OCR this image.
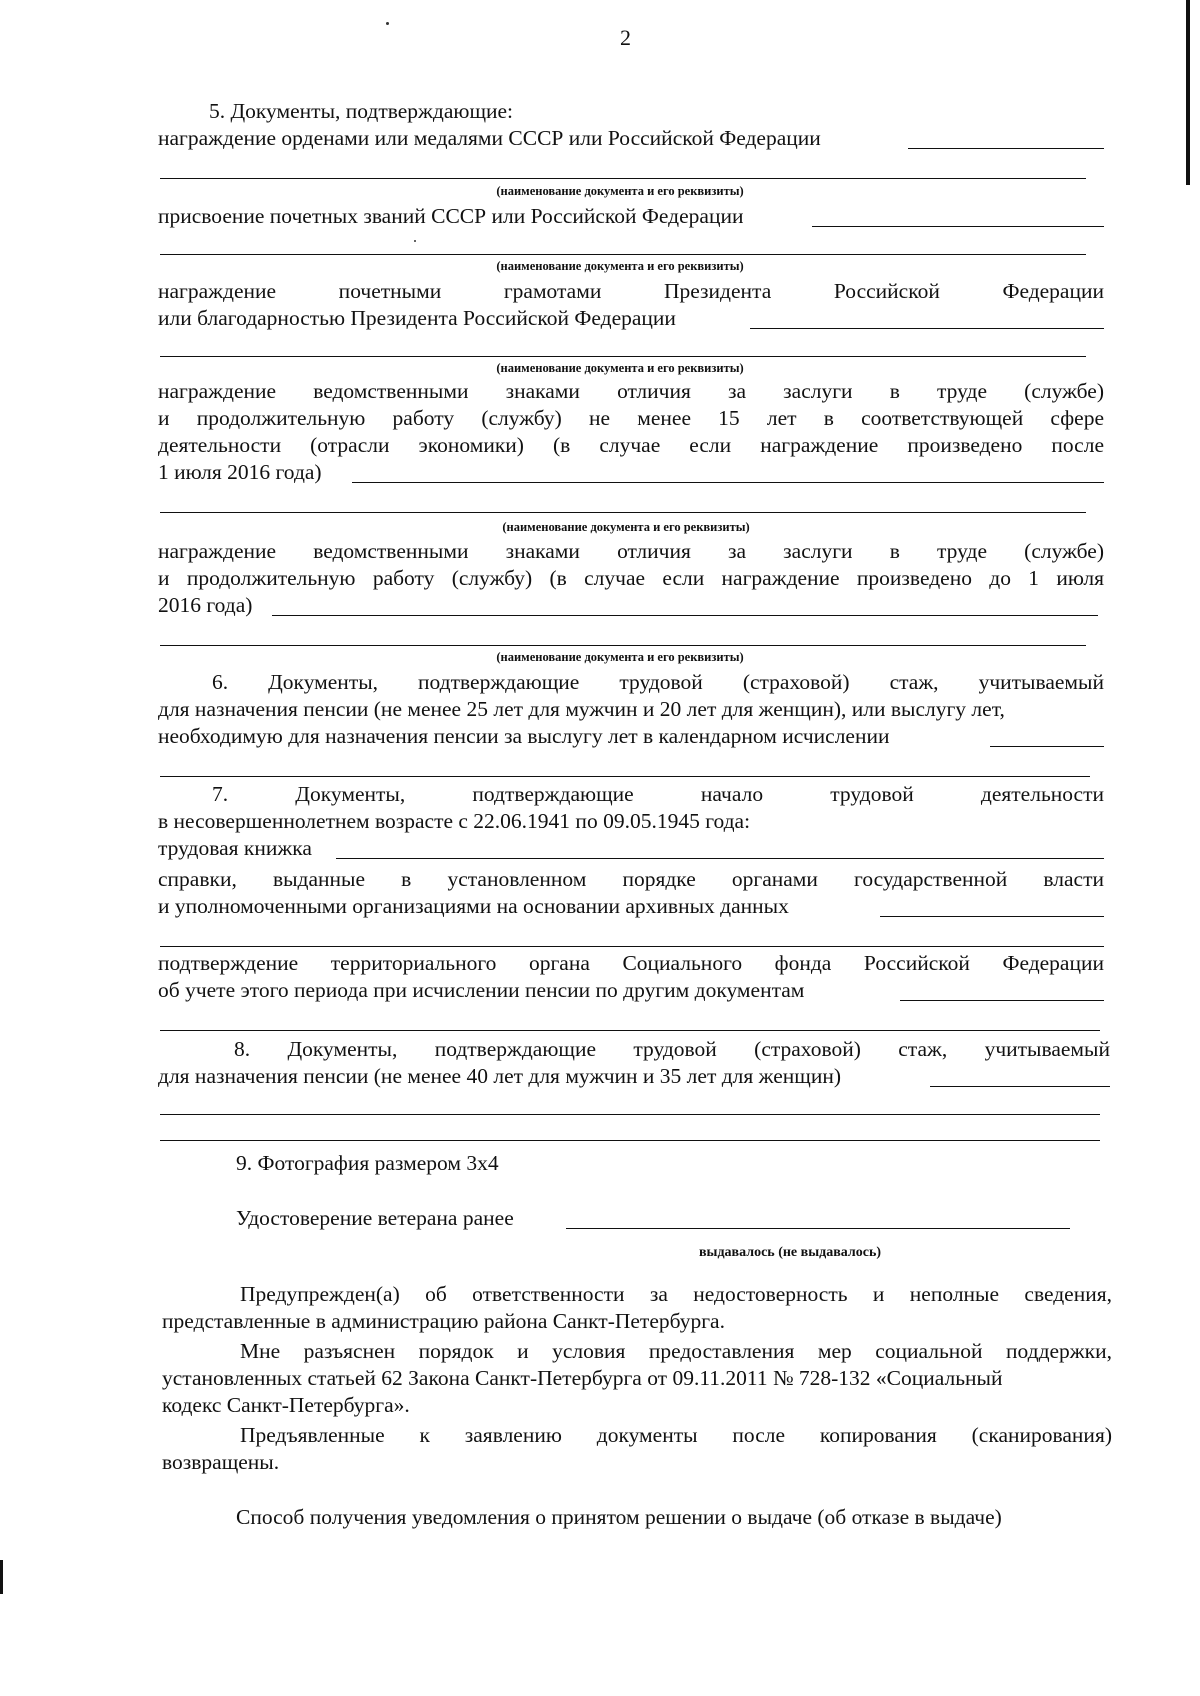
2
5. Документы, подтверждающие:
награждение орденами или медалями СССР или Российской Федерации
(наименование документа и его реквизиты)
присвоение почетных званий СССР или Российской Федерации
(наименование документа и его реквизиты)
награждение почетными грамотами Президента Российской Федерации
или благодарностью Президента Российской Федерации
(наименование документа и его реквизиты)
награждение ведомственными знаками отличия за заслуги в труде (службе)
и продолжительную работу (службу) не менее 15 лет в соответствующей сфере
деятельности (отрасли экономики) (в случае если награждение произведено после
1 июля 2016 года)
(наименование документа и его реквизиты)
награждение ведомственными знаками отличия за заслуги в труде (службе)
и продолжительную работу (службу) (в случае если награждение произведено до 1 июля
2016 года)
(наименование документа и его реквизиты)
6. Документы, подтверждающие трудовой (страховой) стаж, учитываемый
для назначения пенсии (не менее 25 лет для мужчин и 20 лет для женщин), или выслугу лет,
необходимую для назначения пенсии за выслугу лет в календарном исчислении
7. Документы, подтверждающие начало трудовой деятельности
в несовершеннолетнем возрасте с 22.06.1941 по 09.05.1945 года:
трудовая книжка
справки, выданные в установленном порядке органами государственной власти
и уполномоченными организациями на основании архивных данных
подтверждение территориального органа Социального фонда Российской Федерации
об учете этого периода при исчислении пенсии по другим документам
8. Документы, подтверждающие трудовой (страховой) стаж, учитываемый
для назначения пенсии (не менее 40 лет для мужчин и 35 лет для женщин)
9. Фотография размером 3х4
Удостоверение ветерана ранее
выдавалось (не выдавалось)
Предупрежден(а) об ответственности за недостоверность и неполные сведения,
представленные в администрацию района Санкт-Петербурга.
Мне разъяснен порядок и условия предоставления мер социальной поддержки,
установленных статьей 62 Закона Санкт-Петербурга от 09.11.2011 № 728-132 «Социальный
кодекс Санкт-Петербурга».
Предъявленные к заявлению документы после копирования (сканирования)
возвращены.
Способ получения уведомления о принятом решении о выдаче (об отказе в выдаче)
